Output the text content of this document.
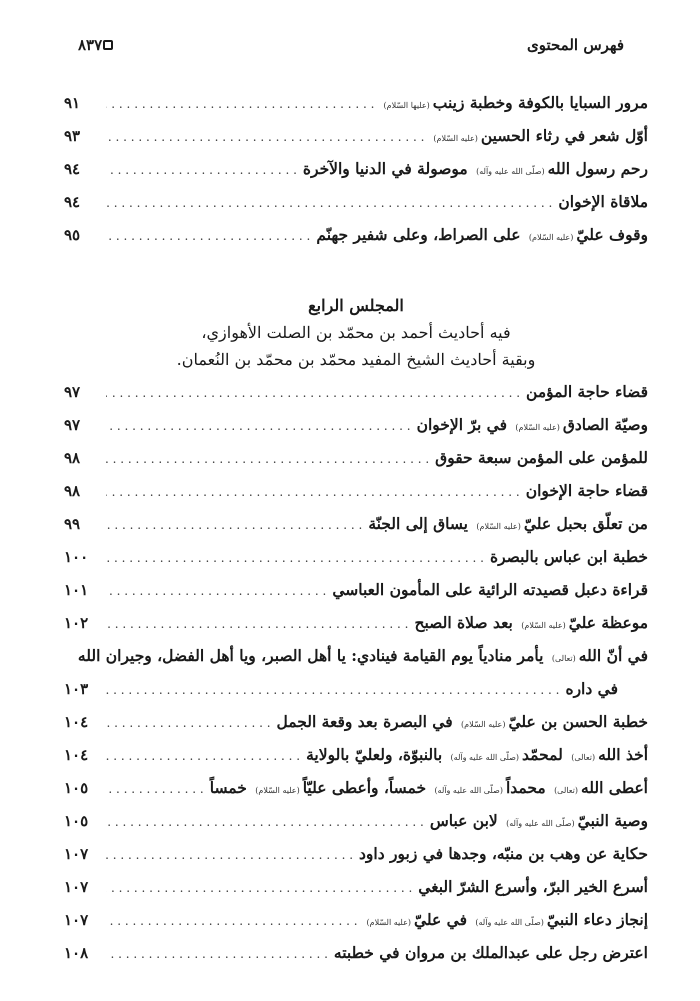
فهرس المحتوى
٨٣٧
مرور السبايا بالكوفة وخطبة زينب(عليها السّلام)
. . .
٩١
أوّل شعر في رثاء الحسين(عليه السّلام)
. . .
٩٣
رحم رسول الله(صلّى الله عليه وآله) موصولة في الدنيا والآخرة
. . .
٩٤
ملاقاة الإخوان
. . .
٩٤
وقوف عليّ(عليه السّلام) على الصراط، وعلى شفير جهنّم
. . .
٩٥
المجلس الرابع
فيه أحاديث أحمد بن محمّد بن الصلت الأهوازي،
وبقية أحاديث الشيخ المفيد محمّد بن محمّد بن النُعمان.
قضاء حاجة المؤمن
. . .
٩٧
وصيّة الصادق(عليه السّلام) في برّ الإخوان
. . .
٩٧
للمؤمن على المؤمن سبعة حقوق
. . .
٩٨
قضاء حاجة الإخوان
. . .
٩٨
من تعلّق بحبل عليّ(عليه السّلام) يساق إلى الجنّة
. . .
٩٩
خطبة ابن عباس بالبصرة
. . .
١٠٠
قراءة دعبل قصيدته الرائية على المأمون العباسي
. . .
١٠١
موعظة عليّ(عليه السّلام) بعد صلاة الصبح
. . .
١٠٢
في أنّ الله(تعالى) يأمر منادياً يوم القيامة فينادي: يا أهل الصبر، ويا أهل الفضل، وجيران الله
في داره
. . .
١٠٣
خطبة الحسن بن عليّ(عليه السّلام) في البصرة بعد وقعة الجمل
. . .
١٠٤
أخذ الله(تعالى) لمحمّد(صلّى الله عليه وآله) بالنبوّة، ولعليّ بالولاية
. . .
١٠٤
أعطى الله(تعالى) محمداً(صلّى الله عليه وآله) خمساً، وأعطى عليّاً(عليه السّلام) خمساً
. . .
١٠٥
وصية النبيّ(صلّى الله عليه وآله) لابن عباس
. . .
١٠٥
حكاية عن وهب بن منبّه، وجدها في زبور داود
. . .
١٠٧
أسرع الخير البرّ، وأسرع الشرّ البغي
. . .
١٠٧
إنجاز دعاء النبيّ(صلّى الله عليه وآله) في عليّ(عليه السّلام)
. . .
١٠٧
اعترض رجل على عبدالملك بن مروان في خطبته
. . .
١٠٨
